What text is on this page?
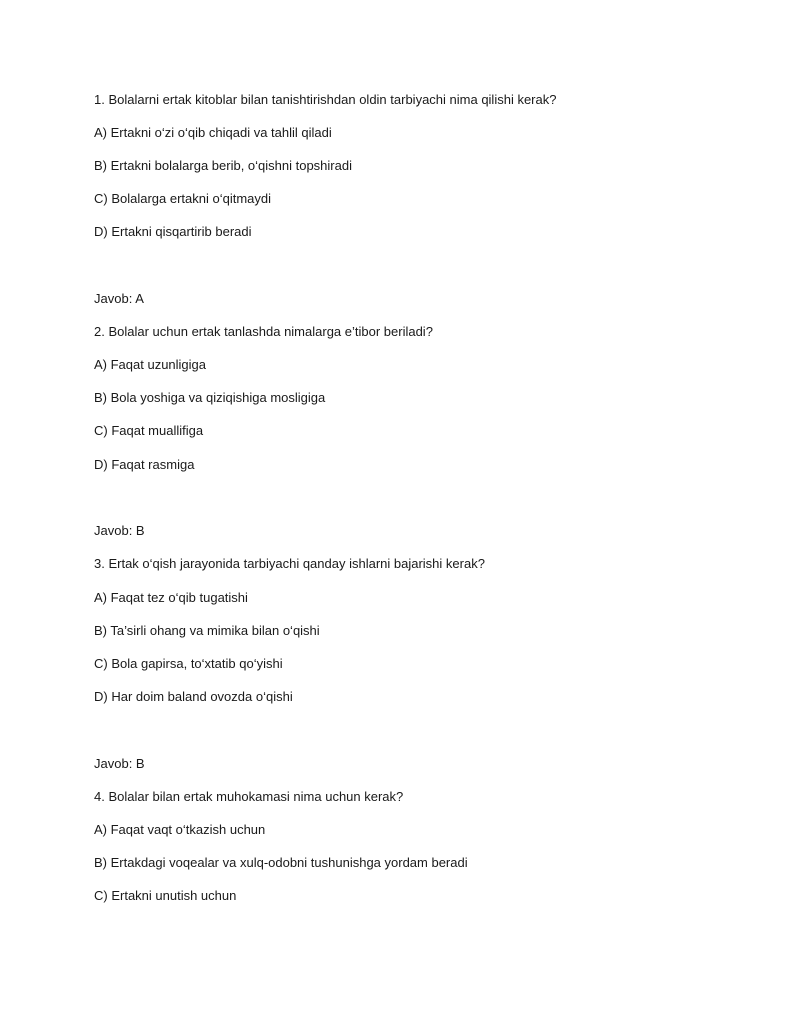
1. Bolalarni ertak kitoblar bilan tanishtirishdan oldin tarbiyachi nima qilishi kerak?
A) Ertakni o‘zi o‘qib chiqadi va tahlil qiladi
B) Ertakni bolalarga berib, o‘qishni topshiradi
C) Bolalarga ertakni o‘qitmaydi
D) Ertakni qisqartirib beradi
Javob: A
2. Bolalar uchun ertak tanlashda nimalarga e’tibor beriladi?
A) Faqat uzunligiga
B) Bola yoshiga va qiziqishiga mosligiga
C) Faqat muallifiga
D) Faqat rasmiga
Javob: B
3. Ertak o‘qish jarayonida tarbiyachi qanday ishlarni bajarishi kerak?
A) Faqat tez o‘qib tugatishi
B) Ta’sirli ohang va mimika bilan o‘qishi
C) Bola gapirsa, to‘xtatib qo‘yishi
D) Har doim baland ovozda o‘qishi
Javob: B
4. Bolalar bilan ertak muhokamasi nima uchun kerak?
A) Faqat vaqt o‘tkazish uchun
B) Ertakdagi voqealar va xulq-odobni tushunishga yordam beradi
C) Ertakni unutish uchun
